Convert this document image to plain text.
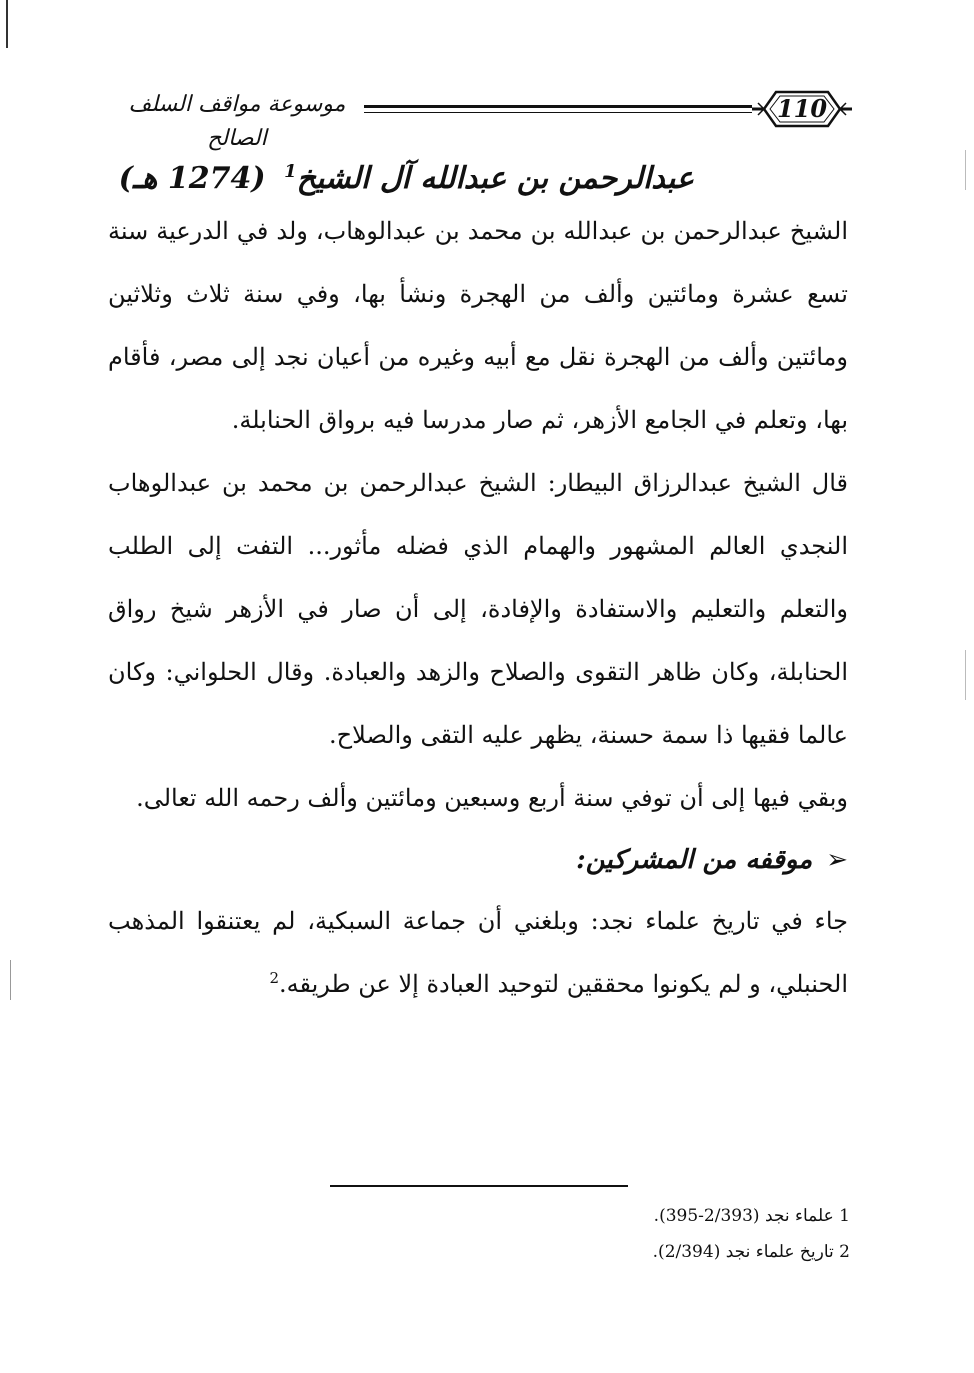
موسوعة مواقف السلف الصالح
110
عبدالرحمن بن عبدالله آل الشيخ$^1$ (1274 هـ)

الشيخ عبدالرحمن بن عبدالله بن محمد بن عبدالوهاب، ولد في الدرعية سنة تسع عشرة ومائتين وألف من الهجرة ونشأ بها، وفي سنة ثلاث وثلاثين ومائتين وألف من الهجرة نقل مع أبيه وغيره من أعيان نجد إلى مصر، فأقام بها، وتعلم في الجامع الأزهر، ثم صار مدرسا فيه برواق الحنابلة.

قال الشيخ عبدالرزاق البيطار: الشيخ عبدالرحمن بن محمد بن عبدالوهاب النجدي العالم المشهور والهمام الذي فضله مأثور... التفت إلى الطلب والتعلم والتعليم والاستفادة والإفادة، إلى أن صار في الأزهر شيخ رواق الحنابلة، وكان ظاهر التقوى والصلاح والزهد والعبادة. وقال الحلواني: وكان عالما فقيها ذا سمة حسنة، يظهر عليه التقى والصلاح.

وبقي فيها إلى أن توفي سنة أربع وسبعين ومائتين وألف رحمه الله تعالى.

➢موقفه من المشركين:

جاء في تاريخ علماء نجد: وبلغني أن جماعة السبكية، لم يعتنقوا المذهب الحنبلي، و لم يكونوا محققين لتوحيد العبادة إلا عن طريقه.$^2$

1 علماء نجد (2/393-395).

2 تاريخ علماء نجد (2/394).
